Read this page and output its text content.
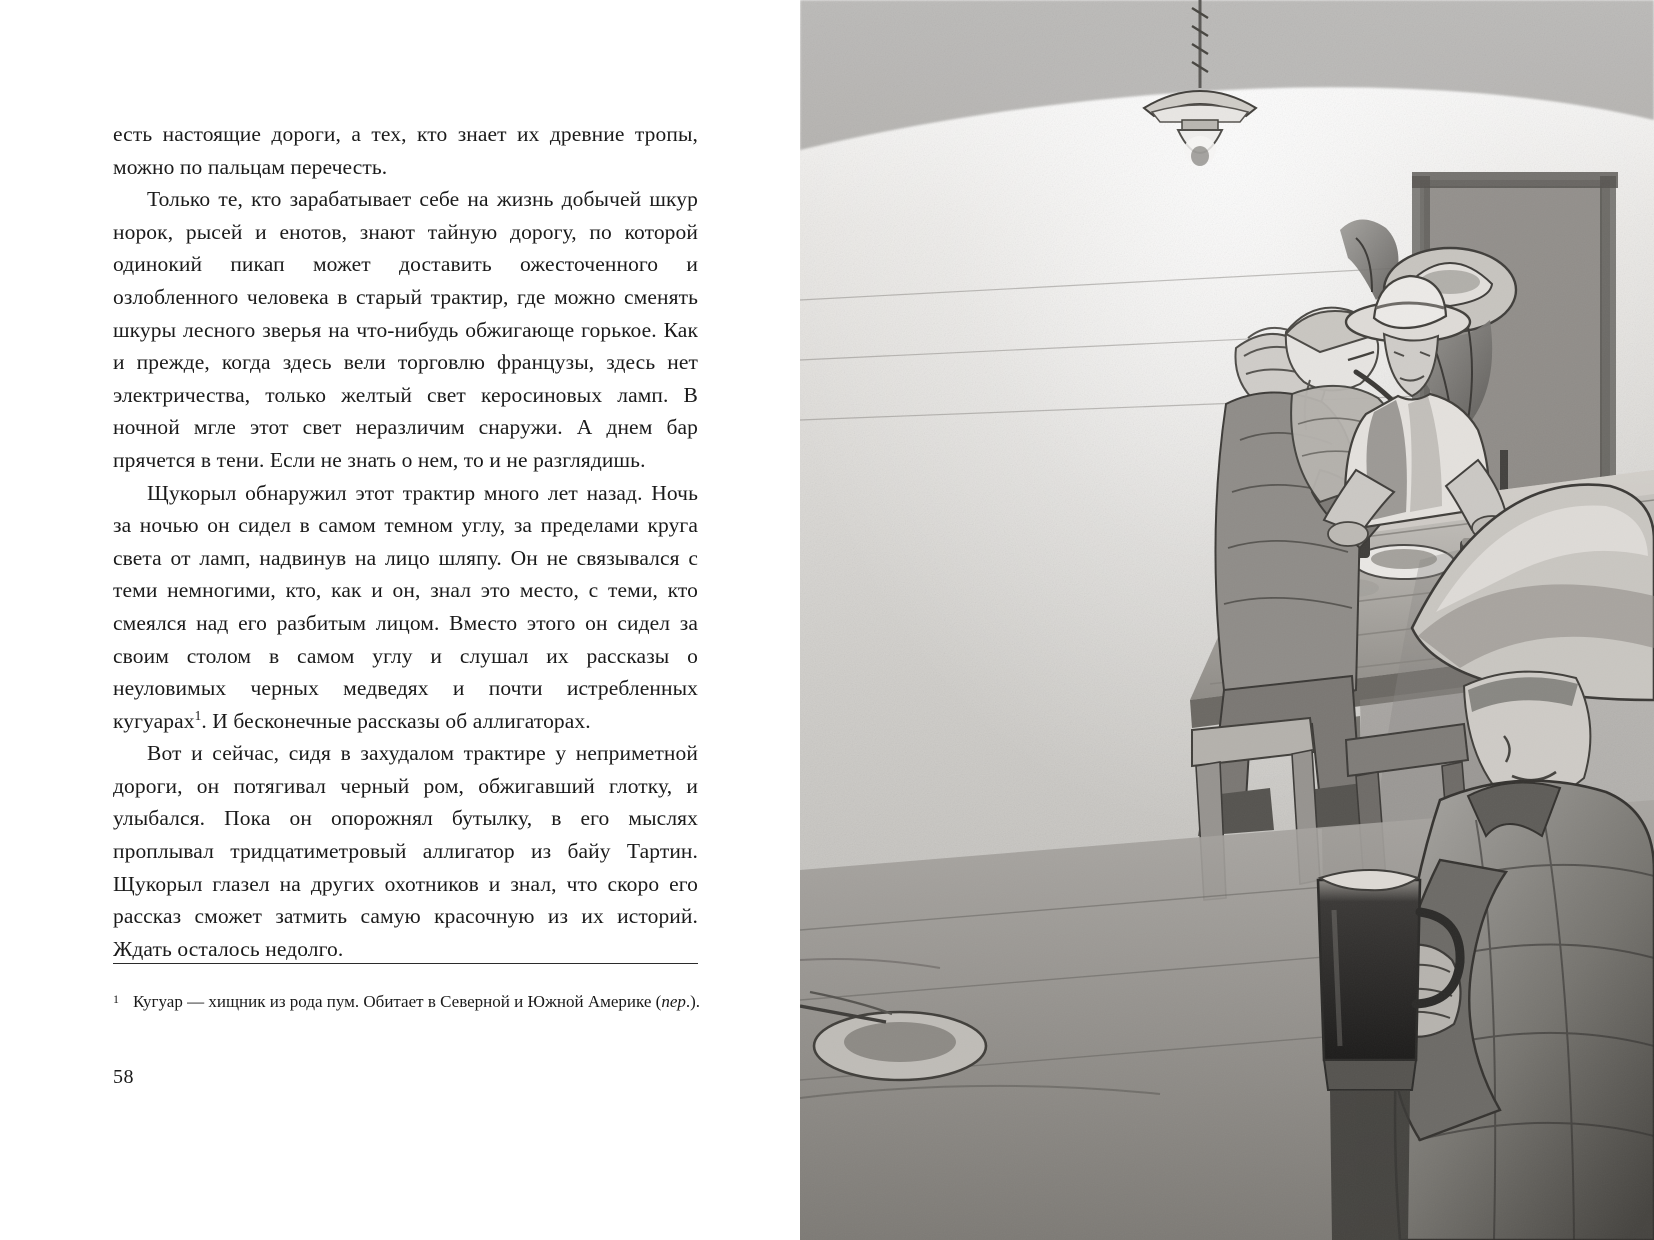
есть настоящие дороги, а тех, кто знает их древние тропы, можно по пальцам перечесть.

Только те, кто зарабатывает себе на жизнь добычей шкур норок, рысей и енотов, знают тайную дорогу, по которой одинокий пикап может доставить ожесточенного и озлобленного человека в старый трактир, где можно сменять шкуры лесного зверья на что-нибудь обжигающе горькое. Как и прежде, когда здесь вели торговлю французы, здесь нет электричества, только желтый свет керосиновых ламп. В ночной мгле этот свет неразличим снаружи. А днем бар прячется в тени. Если не знать о нем, то и не разглядишь.

Щукорыл обнаружил этот трактир много лет назад. Ночь за ночью он сидел в самом темном углу, за пределами круга света от ламп, надвинув на лицо шляпу. Он не связывался с теми немногими, кто, как и он, знал это место, с теми, кто смеялся над его разбитым лицом. Вместо этого он сидел за своим столом в самом углу и слушал их рассказы о неуловимых черных медведях и почти истребленных кугуарах$^1$. И бесконечные рассказы об аллигаторах.

Вот и сейчас, сидя в захудалом трактире у неприметной дороги, он потягивал черный ром, обжигавший глотку, и улыбался. Пока он опорожнял бутылку, в его мыслях проплывал тридцатиметровый аллигатор из байу Тартин. Щукорыл глазел на других охотников и знал, что скоро его рассказ сможет затмить самую красочную из их историй. Ждать осталось недолго.

1 Кугуар — хищник из рода пум. Обитает в Северной и Южной Америке (пер.).
58
